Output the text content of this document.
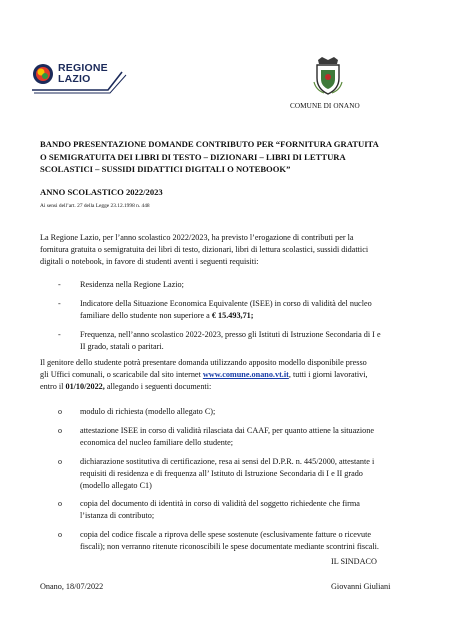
REGIONE
LAZIO
COMUNE DI ONANO
BANDO PRESENTAZIONE DOMANDE CONTRIBUTO PER “FORNITURA GRATUITA
O SEMIGRATUITA DEI LIBRI DI TESTO – DIZIONARI – LIBRI DI LETTURA
SCOLASTICI – SUSSIDI DIDATTICI DIGITALI O NOTEBOOK”
ANNO SCOLASTICO 2022/2023
Ai sensi dell’art. 27 della Legge 23.12.1998 n. 448
La Regione Lazio, per l’anno scolastico 2022/2023, ha previsto l’erogazione di contributi per la
fornitura gratuita o semigratuita dei libri di testo, dizionari, libri di lettura scolastici, sussidi didattici
digitali o notebook, in favore di studenti aventi i seguenti requisiti:
- Residenza nella Regione Lazio;
- Indicatore della Situazione Economica Equivalente (ISEE) in corso di validità del nucleo
familiare dello studente non superiore a € 15.493,71;
- Frequenza, nell’anno scolastico 2022-2023, presso gli Istituti di Istruzione Secondaria di I e
II grado, statali o paritari.
Il genitore dello studente potrà presentare domanda utilizzando apposito modello disponibile presso
gli Uffici comunali, o scaricabile dal sito internet www.comune.onano.vt.it, tutti i giorni lavorativi,
entro il 01/10/2022, allegando i seguenti documenti:
o modulo di richiesta (modello allegato C);
o attestazione ISEE in corso di validità rilasciata dai CAAF, per quanto attiene la situazione
economica del nucleo familiare dello studente;
o dichiarazione sostitutiva di certificazione, resa ai sensi del D.P.R. n. 445/2000, attestante i
requisiti di residenza e di frequenza all’ Istituto di Istruzione Secondaria di I e II grado
(modello allegato C1)
o copia del documento di identità in corso di validità del soggetto richiedente che firma
l’istanza di contributo;
o copia del codice fiscale a riprova delle spese sostenute (esclusivamente fatture o ricevute
fiscali); non verranno ritenute riconoscibili le spese documentate mediante scontrini fiscali.
IL SINDACO
Onano, 18/07/2022	Giovanni Giuliani
